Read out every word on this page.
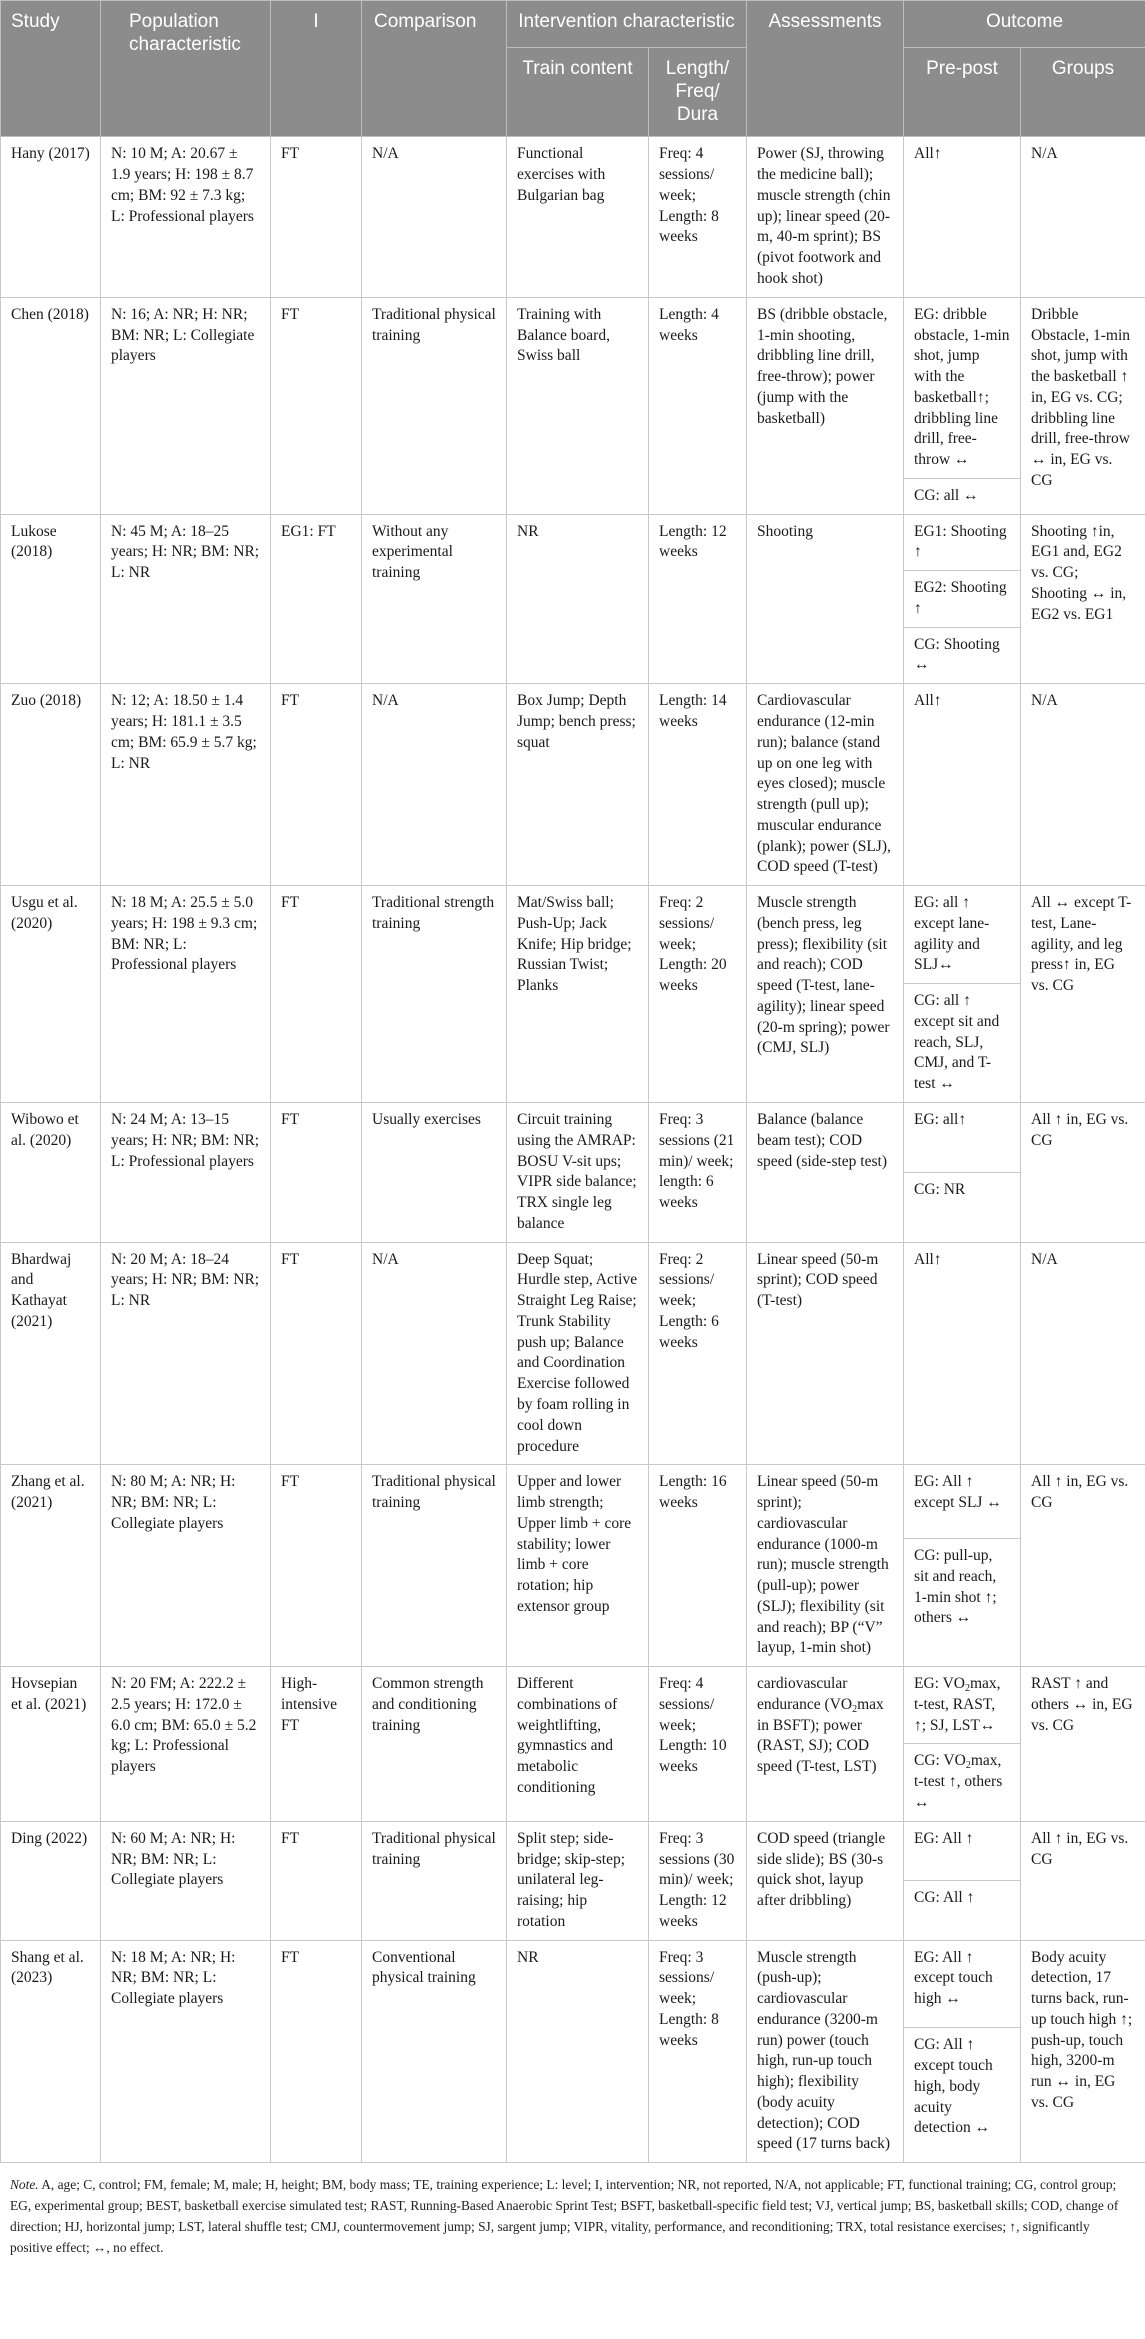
Study	Population characteristic	I	Comparison	Intervention characteristic		Assessments	Outcome	
				Train content	Length/ Freq/ Dura		Pre-post	Groups
Hany (2017)	N: 10 M; A: 20.67 ± 1.9 years; H: 198 ± 8.7 cm; BM: 92 ± 7.3 kg; L: Professional players	FT	N/A	Functional exercises with Bulgarian bag	Freq: 4 sessions/ week; Length: 8 weeks	Power (SJ, throwing the medicine ball); muscle strength (chin up); linear speed (20-m, 40-m sprint); BS (pivot footwork and hook shot)	All↑	N/A
Chen (2018)	N: 16; A: NR; H: NR; BM: NR; L: Collegiate players	FT	Traditional physical training	Training with Balance board, Swiss ball	Length: 4 weeks	BS (dribble obstacle, 1-min shooting, dribbling line drill, free-throw); power (jump with the basketball)	EG: dribble obstacle, 1-min shot, jump with the basketball↑; dribbling line drill, free-throw ↔	Dribble Obstacle, 1-min shot, jump with the basketball ↑ in, EG vs. CG; dribbling line drill, free-throw ↔ in, EG vs. CG
							CG: all ↔	
Lukose (2018)	N: 45 M; A: 18–25 years; H: NR; BM: NR; L: NR	EG1: FT	Without any experimental training	NR	Length: 12 weeks	Shooting	EG1: Shooting ↑	Shooting ↑in, EG1 and, EG2 vs. CG; Shooting ↔ in, EG2 vs. EG1
							EG2: Shooting ↑	
							CG: Shooting ↔	
Zuo (2018)	N: 12; A: 18.50 ± 1.4 years; H: 181.1 ± 3.5 cm; BM: 65.9 ± 5.7 kg; L: NR	FT	N/A	Box Jump; Depth Jump; bench press; squat	Length: 14 weeks	Cardiovascular endurance (12-min run); balance (stand up on one leg with eyes closed); muscle strength (pull up); muscular endurance (plank); power (SLJ), COD speed (T-test)	All↑	N/A
Usgu et al. (2020)	N: 18 M; A: 25.5 ± 5.0 years; H: 198 ± 9.3 cm; BM: NR; L: Professional players	FT	Traditional strength training	Mat/Swiss ball; Push-Up; Jack Knife; Hip bridge; Russian Twist; Planks	Freq: 2 sessions/ week; Length: 20 weeks	Muscle strength (bench press, leg press); flexibility (sit and reach); COD speed (T-test, lane-agility); linear speed (20-m spring); power (CMJ, SLJ)	EG: all ↑ except lane-agility and SLJ↔	All ↔ except T-test, Lane-agility, and leg press↑ in, EG vs. CG
							CG: all ↑ except sit and reach, SLJ, CMJ, and T-test ↔	
Wibowo et al. (2020)	N: 24 M; A: 13–15 years; H: NR; BM: NR; L: Professional players	FT	Usually exercises	Circuit training using the AMRAP: BOSU V-sit ups; VIPR side balance; TRX single leg balance	Freq: 3 sessions (21 min)/ week; length: 6 weeks	Balance (balance beam test); COD speed (side-step test)	EG: all↑	All ↑ in, EG vs. CG
							CG: NR	
Bhardwaj and Kathayat (2021)	N: 20 M; A: 18–24 years; H: NR; BM: NR; L: NR	FT	N/A	Deep Squat; Hurdle step, Active Straight Leg Raise; Trunk Stability push up; Balance and Coordination Exercise followed by foam rolling in cool down procedure	Freq: 2 sessions/ week; Length: 6 weeks	Linear speed (50-m sprint); COD speed (T-test)	All↑	N/A
Zhang et al. (2021)	N: 80 M; A: NR; H: NR; BM: NR; L: Collegiate players	FT	Traditional physical training	Upper and lower limb strength; Upper limb + core stability; lower limb + core rotation; hip extensor group	Length: 16 weeks	Linear speed (50-m sprint); cardiovascular endurance (1000-m run); muscle strength (pull-up); power (SLJ); flexibility (sit and reach); BP (“V” layup, 1-min shot)	EG: All ↑ except SLJ ↔	All ↑ in, EG vs. CG
							CG: pull-up, sit and reach, 1-min shot ↑; others ↔	
Hovsepian et al. (2021)	N: 20 FM; A: 222.2 ± 2.5 years; H: 172.0 ± 6.0 cm; BM: 65.0 ± 5.2 kg; L: Professional players	High-intensive FT	Common strength and conditioning training	Different combinations of weightlifting, gymnastics and metabolic conditioning	Freq: 4 sessions/ week; Length: 10 weeks	cardiovascular endurance ($VO_2\max$ in BSFT); power (RAST, SJ); COD speed (T-test, LST)	EG: $VO_2\max$, t-test, RAST, ↑; SJ, LST↔	RAST ↑ and others ↔ in, EG vs. CG
							CG: $VO_2\max$, t-test ↑, others ↔	
Ding (2022)	N: 60 M; A: NR; H: NR; BM: NR; L: Collegiate players	FT	Traditional physical training	Split step; side-bridge; skip-step; unilateral leg-raising; hip rotation	Freq: 3 sessions (30 min)/ week; Length: 12 weeks	COD speed (triangle side slide); BS (30-s quick shot, layup after dribbling)	EG: All ↑	All ↑ in, EG vs. CG
							CG: All ↑	
Shang et al. (2023)	N: 18 M; A: NR; H: NR; BM: NR; L: Collegiate players	FT	Conventional physical training	NR	Freq: 3 sessions/ week; Length: 8 weeks	Muscle strength (push-up); cardiovascular endurance (3200-m run) power (touch high, run-up touch high); flexibility (body acuity detection); COD speed (17 turns back)	EG: All ↑ except touch high ↔	Body acuity detection, 17 turns back, run-up touch high ↑; push-up, touch high, 3200-m run ↔ in, EG vs. CG
							CG: All ↑ except touch high, body acuity detection ↔	
Note. A, age; C, control; FM, female; M, male; H, height; BM, body mass; TE, training experience; L: level; I, intervention; NR, not reported, N/A, not applicable; FT, functional training; CG, control group; EG, experimental group; BEST, basketball exercise simulated test; RAST, Running-Based Anaerobic Sprint Test; BSFT, basketball-specific field test; VJ, vertical jump; BS, basketball skills; COD, change of direction; HJ, horizontal jump; LST, lateral shuffle test; CMJ, countermovement jump; SJ, sargent jump; VIPR, vitality, performance, and reconditioning; TRX, total resistance exercises; ↑, significantly positive effect; ↔, no effect.
